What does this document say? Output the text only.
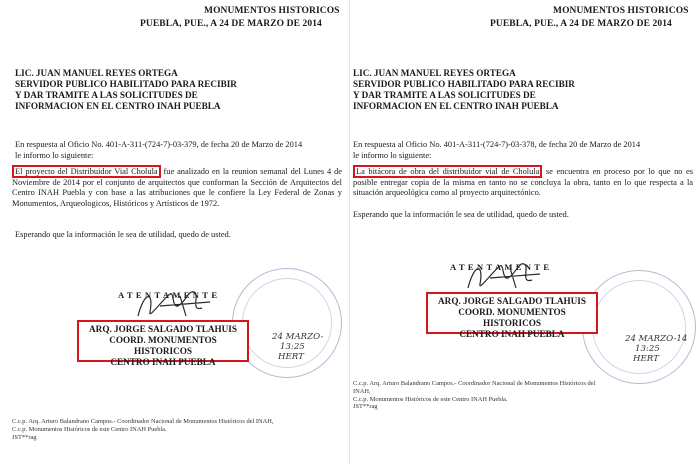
MONUMENTOS HISTORICOS
PUEBLA, PUE., A 24 DE MARZO DE 2014
LIC. JUAN MANUEL REYES ORTEGA
SERVIDOR PUBLICO HABILITADO PARA RECIBIR
Y DAR TRAMITE A LAS SOLICITUDES DE
INFORMACION EN EL CENTRO INAH PUEBLA
En respuesta al Oficio No. 401-A-311-(724-7)-03-379, de fecha 20 de Marzo de 2014
le informo lo siguiente:
El proyecto del Distribuidor Vial Cholula fue analizado en la reunion semanal del Lunes 4 de Noviembre de 2014 por el conjunto de arquitectos que conforman la Sección de Arquitectos del Centro INAH Puebla y con base a las atribuciones que le confiere la Ley Federal de Zonas y Monumentos, Arqueologicos, Históricos y Artísticos de 1972.
Esperando que la información le sea de utilidad, quedo de usted.
ATENTAMENTE
24 MARZO-
13:25
HERT
ARQ. JORGE SALGADO TLAHUIS
COORD. MONUMENTOS HISTORICOS
CENTRO INAH PUEBLA
C.c.p. Arq. Arturo Balandrano Campos.- Coordinador Nacional de Monumentos Históricos del INAH,
C.c.p. Monumentos Históricos de este Centro INAH Puebla.
JST**rag
MONUMENTOS HISTORICOS
PUEBLA, PUE., A 24 DE MARZO DE 2014
LIC. JUAN MANUEL REYES ORTEGA
SERVIDOR PUBLICO HABILITADO PARA RECIBIR
Y DAR TRAMITE A LAS SOLICITUDES DE
INFORMACION EN EL CENTRO INAH PUEBLA
En respuesta al Oficio No. 401-A-311-(724-7)-03-378, de fecha 20 de Marzo de 2014
le informo lo siguiente:
La bitácora de obra del distribuidor vial de Cholula se encuentra en proceso por lo que no es posible entregar copia de la misma en tanto no se concluya la obra, tanto en lo que respecta a la situación arqueológica como al proyecto arquitectónico.
Esperando que la información le sea de utilidad, quedo de usted.
ATENTAMENTE
24 MARZO-14
13:25
HERT
ARQ. JORGE SALGADO TLAHUIS
COORD. MONUMENTOS HISTORICOS
CENTRO INAH PUEBLA
C.c.p. Arq. Arturo Balandrano Campos.- Coordinador Nacional de Monumentos Históricos del INAH,
C.c.p. Monumentos Históricos de este Centro INAH Puebla.
JST**rag
